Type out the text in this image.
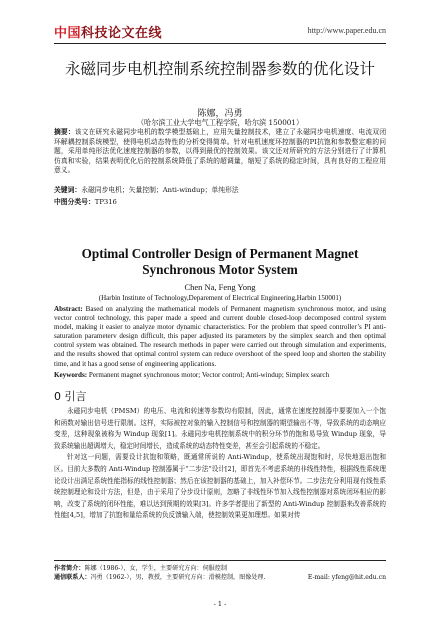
中国科技论文在线	http://www.paper.edu.cn
永磁同步电机控制系统控制器参数的优化设计
陈娜，冯勇
（哈尔滨工业大学电气工程学院，哈尔滨 150001）
摘要：该文在研究永磁同步电机的数学模型基础上，应用矢量控制技术，建立了永磁同步电机速度、电流双闭环解耦控制系统模型，使得电机动态特性的分析变得简单。针对电机速度环控制器的PI抗饱和参数整定难的问题，采用单纯形法优化速度控制器的参数，以得到最优的控制效果。该文还对所研究的方法分别进行了计算机仿真和实验，结果表明优化后的控制系统降低了系统的超调量，缩短了系统的稳定时间，具有良好的工程应用意义。
关键词：永磁同步电机；矢量控制；Anti-windup；单纯形法
中图分类号：TP316
Optimal Controller Design of Permanent Magnet Synchronous Motor System
Chen Na, Feng Yong
(Harbin Institute of Technology,Deparement of Electrical Engineering,Harbin 150001)
Abstract: Based on analyzing the mathematical models of Permanent magnetism synchronous motor, and using vector control technology, this paper made a speed and current double closed-loop decomposed control system model, making it easier to analyze motor dynamic characteristics. For the problem that speed controller’s PI anti-saturation parameterv design difficult, this paper adjusted its parameters by the simplex search and then optimal control system was obtained. The research methods in paper were carried out through simulation and experiments, and the results showed that optimal control system can reduce overshoot of the speed loop and shorten the stability time, and it has a good sense of engineering applications.
Keywords: Permanent magnet synchronous motor; Vector control; Anti-windup; Simplex search
0 引言

永磁同步电机（PMSM）的电压、电流和转速等参数均有限制，因此，通常在速度控制器中要要加入一个饱和函数对输出信号进行限制。这样，实际被控对象的输入控制信号和控制器的期望输出不等，导致系统的动态响应变差，这种现象被称为 Windup 现象[1]。永磁同步电机控制系统中的积分环节的饱和易导致 Windup 现象，导致系统输出超调增大，稳定时间增长，造成系统的动态特性变差，甚至会引起系统的不稳定。

针对这一问题，需要设计抗饱和策略，既通常所说的 Anti-Windup，使系统出现饱和时，尽快地退出饱和区。目前大多数的 Anti-Windup 控制器属于“二步法”设计[2]，即首先不考虑系统的非线性特性，根据线性系统理论设计出满足系统性能指标的线性控制器；然后在该控制器的基础上，加入补偿环节。二步法充分利用现有线性系统控制理论和设计方法，但是，由于采用了分步设计原则，忽略了非线性环节加入线性控制器对系统闭环相应的影响，改变了系统的闭环性能，难以达到预期的效果[3]。许多学者提出了新型的 Anti-Windup 控制器来改善系统的性能[4,5]，增加了抗饱和量给系统的负反馈输入端，使控制效果更加理想。如果对传

作者简介：陈娜（1986-），女，学生，主要研究方向：伺服控制
通信联系人：冯勇（1962-），男，教授，主要研究方向：滑模控制，图像处理.	E-mail: yfeng@hit.edu.cn
- 1 -
